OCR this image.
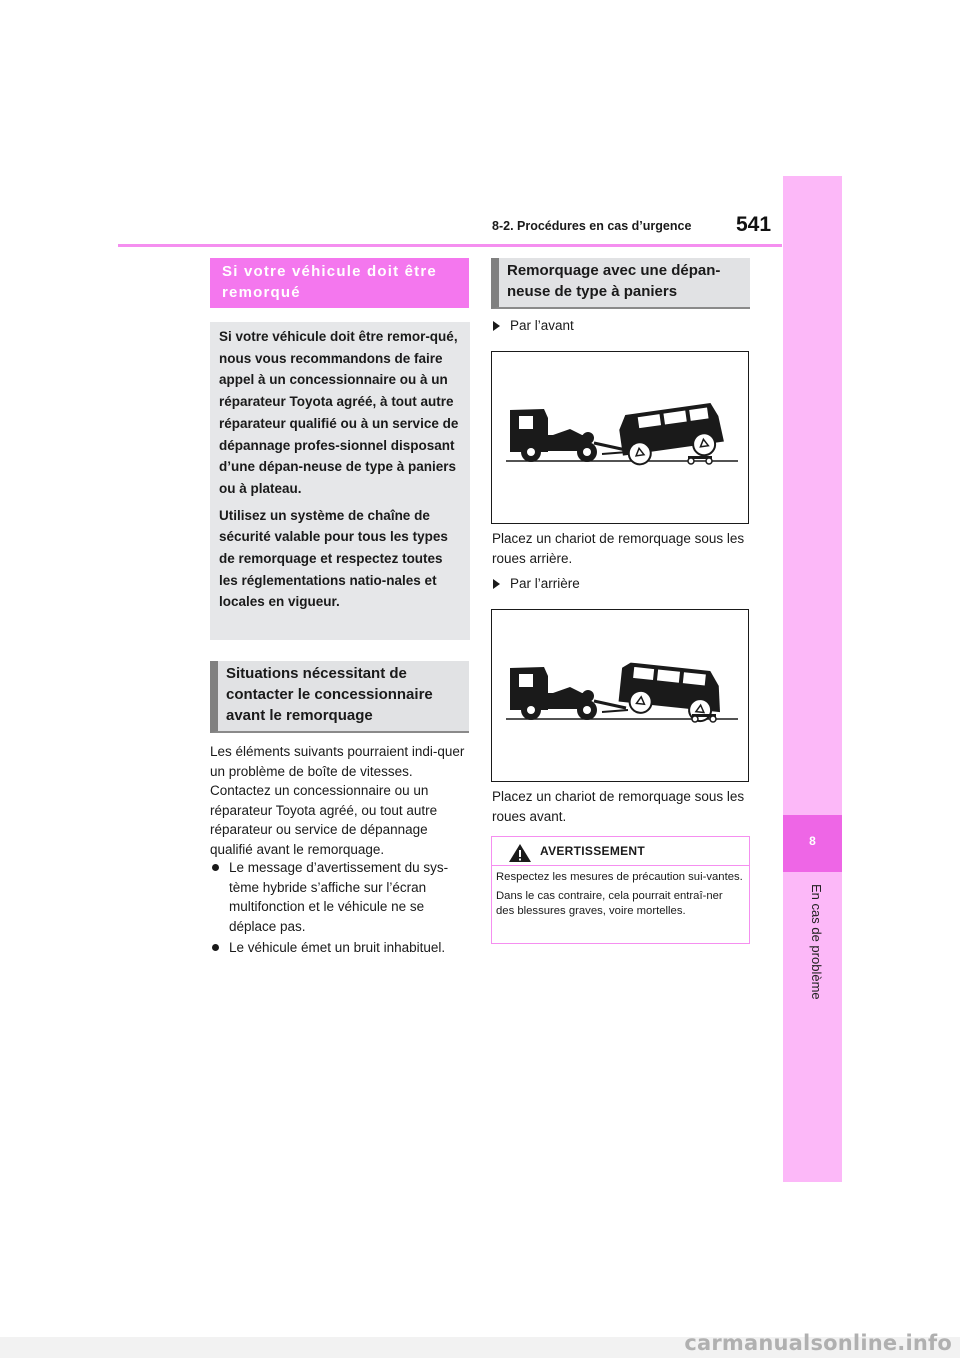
8-2. Procédures en cas d’urgence 541
8
En cas de problème
Si votre véhicule doit être remorqué

Si votre véhicule doit être remor-qué, nous vous recommandons de faire appel à un concessionnaire ou à un réparateur Toyota agréé, à tout autre réparateur qualifié ou à un service de dépannage profes-sionnel disposant d’une dépan-neuse de type à paniers ou à plateau.

Utilisez un système de chaîne de sécurité valable pour tous les types de remorquage et respectez toutes les réglementations natio-nales et locales en vigueur.

Situations nécessitant de contacter le concessionnaire avant le remorquage
Les éléments suivants pourraient indi-quer un problème de boîte de vitesses. Contactez un concessionnaire ou un réparateur Toyota agréé, ou tout autre réparateur ou service de dépannage qualifié avant le remorquage.
Le message d’avertissement du sys-tème hybride s’affiche sur l’écran multifonction et le véhicule ne se déplace pas.
Le véhicule émet un bruit inhabituel.
Remorquage avec une dépan-neuse de type à paniers
Par l’avant
Placez un chariot de remorquage sous les roues arrière.
Par l’arrière
Placez un chariot de remorquage sous les roues avant.
AVERTISSEMENT

Respectez les mesures de précaution sui-vantes.

Dans le cas contraire, cela pourrait entraî-ner des blessures graves, voire mortelles.

carmanualsonline.info
